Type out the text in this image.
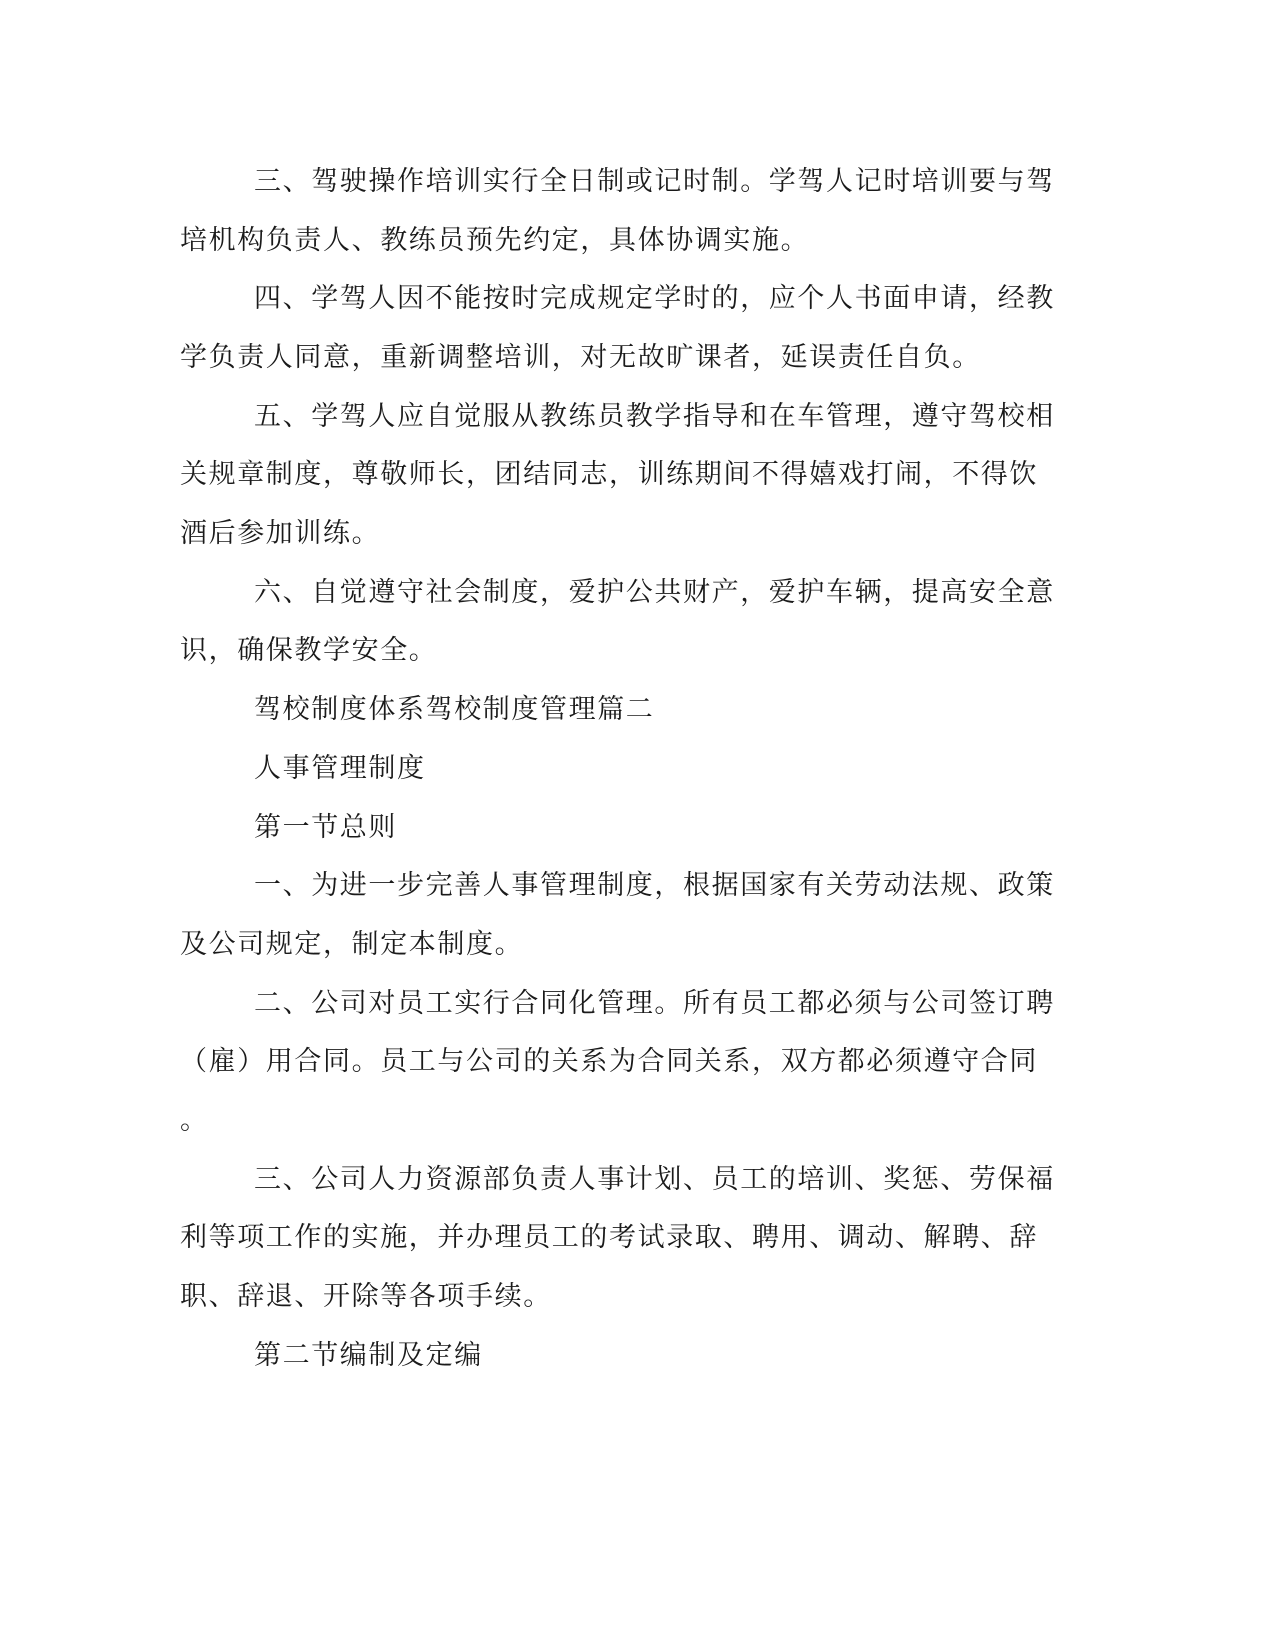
三、驾驶操作培训实行全日制或记时制。学驾人记时培训要与驾
培机构负责人、教练员预先约定，具体协调实施。
四、学驾人因不能按时完成规定学时的，应个人书面申请，经教
学负责人同意，重新调整培训，对无故旷课者，延误责任自负。
五、学驾人应自觉服从教练员教学指导和在车管理，遵守驾校相
关规章制度，尊敬师长，团结同志，训练期间不得嬉戏打闹，不得饮
酒后参加训练。
六、自觉遵守社会制度，爱护公共财产，爱护车辆，提高安全意
识，确保教学安全。
驾校制度体系驾校制度管理篇二
人事管理制度
第一节总则
一、为进一步完善人事管理制度，根据国家有关劳动法规、政策
及公司规定，制定本制度。
二、公司对员工实行合同化管理。所有员工都必须与公司签订聘
（雇）用合同。员工与公司的关系为合同关系，双方都必须遵守合同
。
三、公司人力资源部负责人事计划、员工的培训、奖惩、劳保福
利等项工作的实施，并办理员工的考试录取、聘用、调动、解聘、辞
职、辞退、开除等各项手续。
第二节编制及定编
